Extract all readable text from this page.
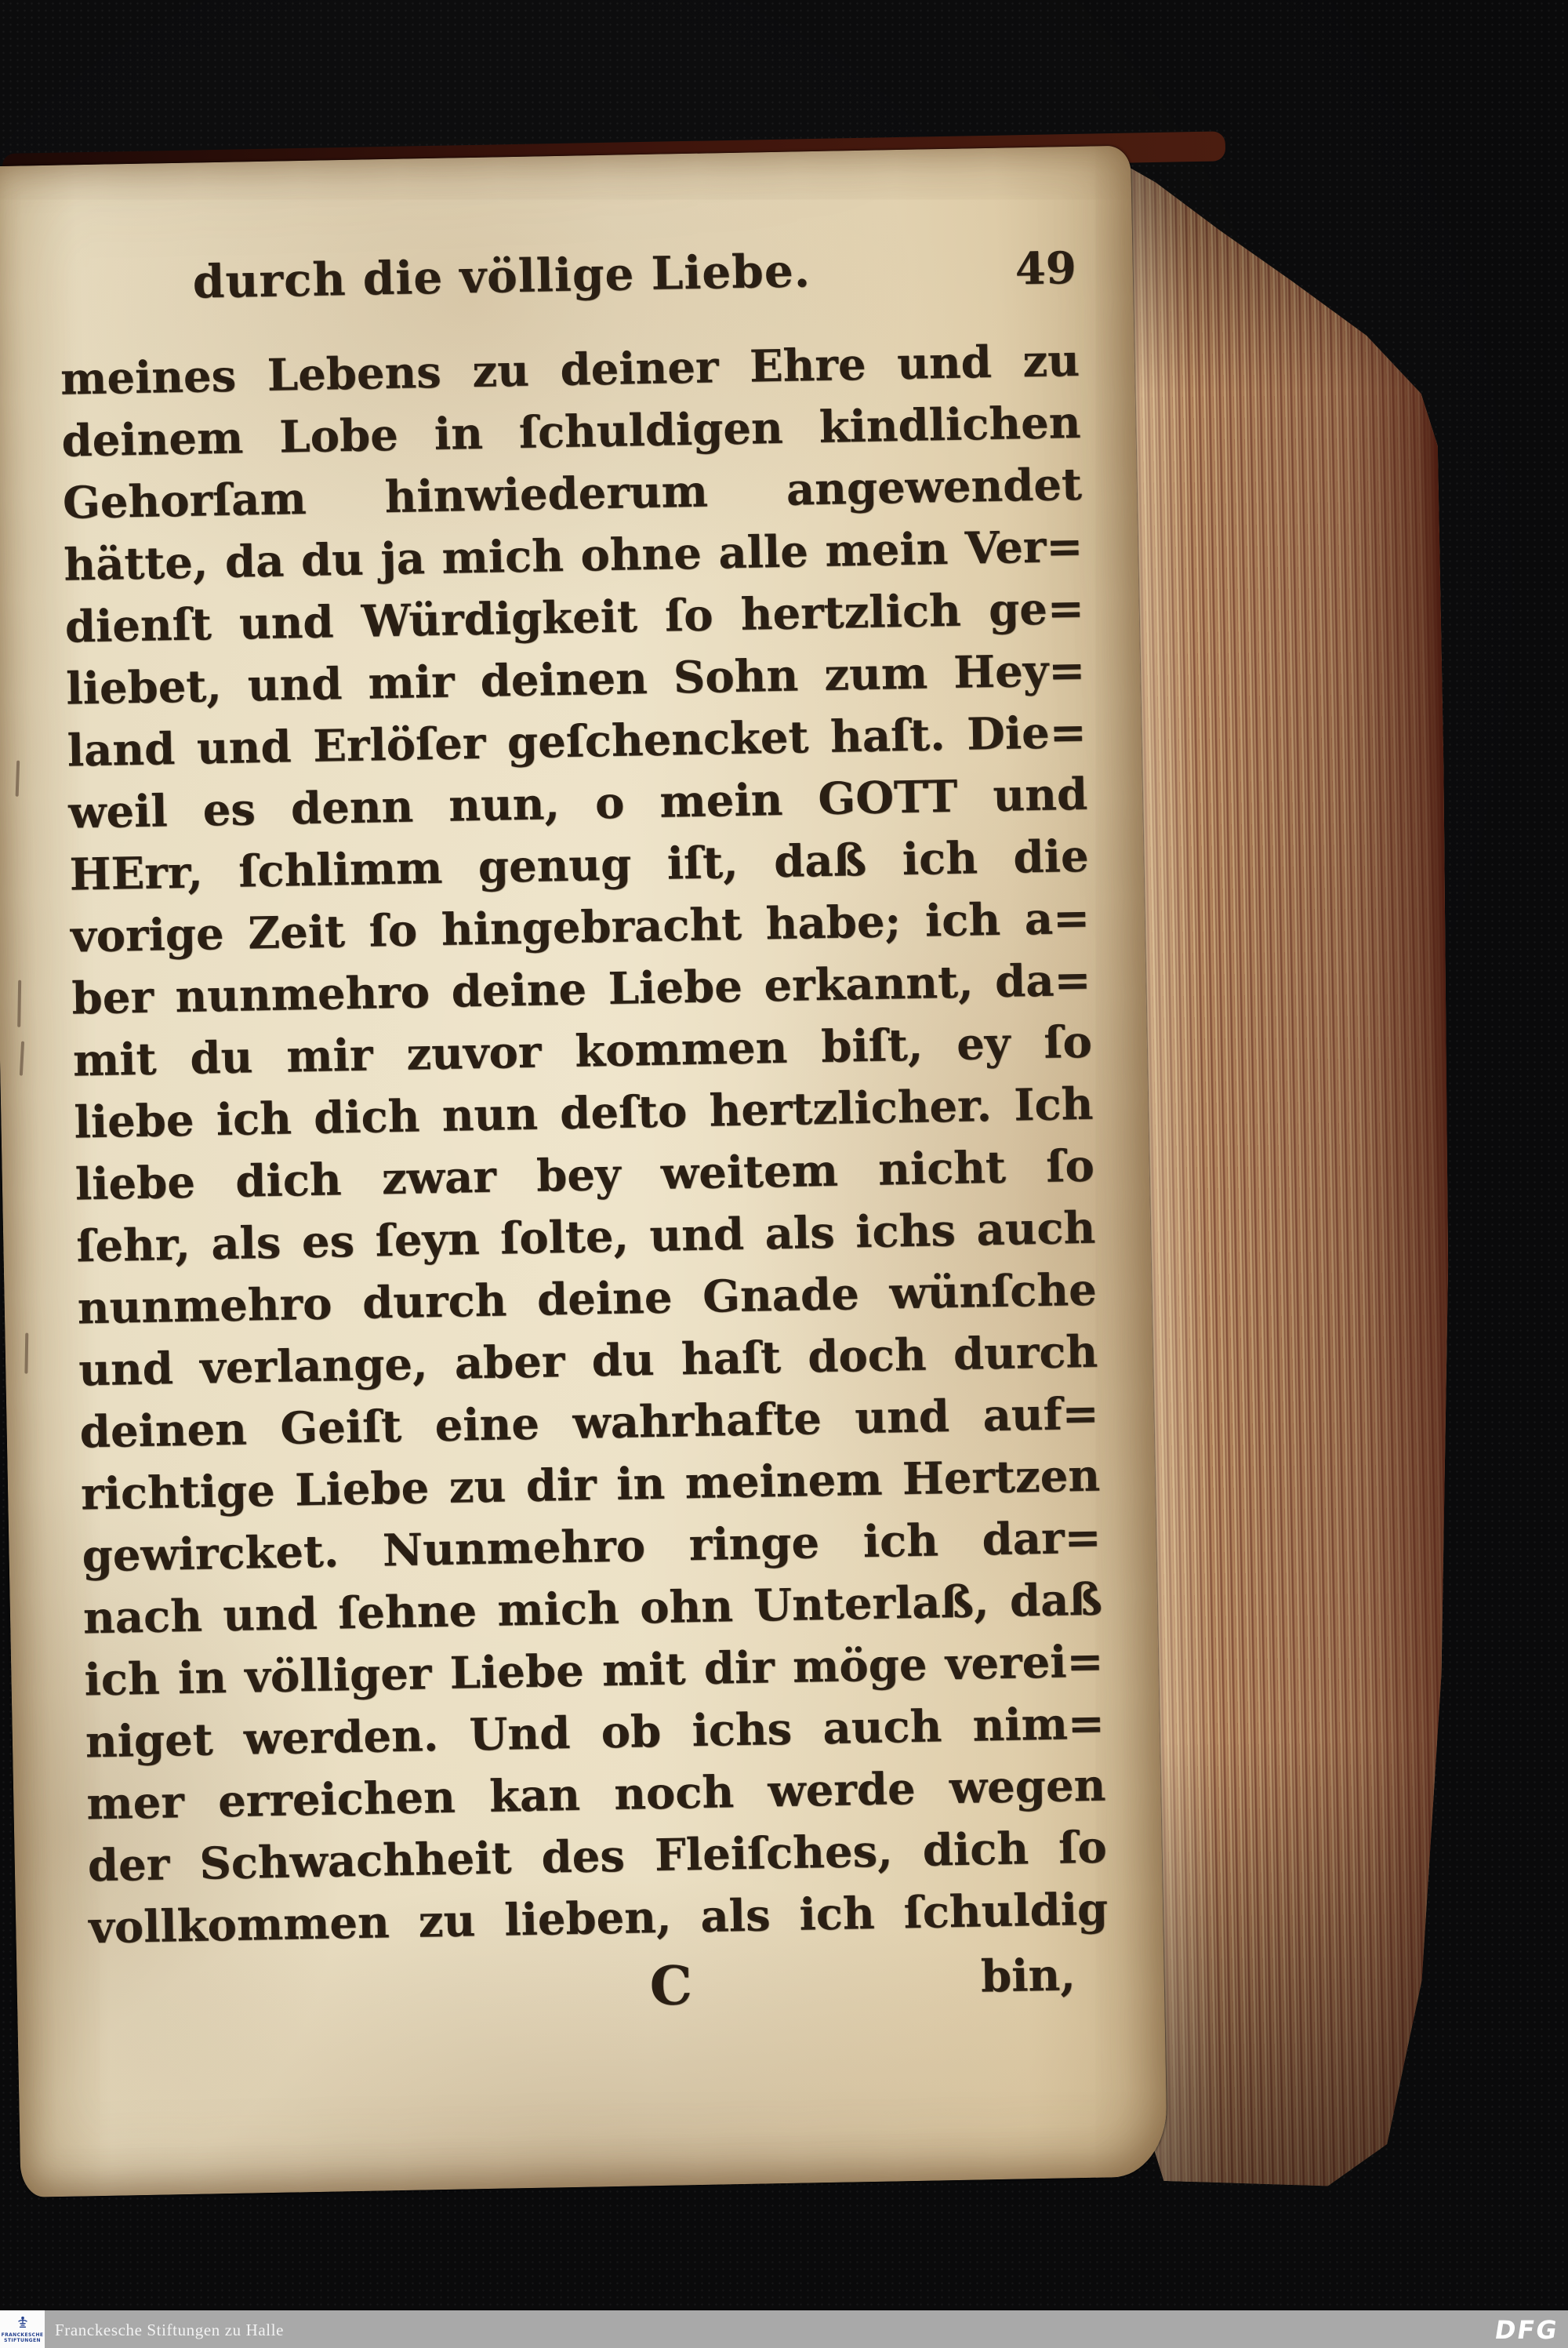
durch die völlige Liebe.	49
meines Lebens zu deiner Ehre und zu
deinem Lobe in ſchuldigen kindlichen
Gehorſam hinwiederum angewendet
hätte, da du ja mich ohne alle mein Ver=
dienſt und Würdigkeit ſo hertzlich ge=
liebet, und mir deinen Sohn zum Hey=
land und Erlöſer geſchencket haſt. Die=
weil es denn nun, o mein GOTT und
HErr, ſchlimm genug iſt, daß ich die
vorige Zeit ſo hingebracht habe; ich a=
ber nunmehro deine Liebe erkannt, da=
mit du mir zuvor kommen biſt, ey ſo
liebe ich dich nun deſto hertzlicher. Ich
liebe dich zwar bey weitem nicht ſo
ſehr, als es ſeyn ſolte, und als ichs auch
nunmehro durch deine Gnade wünſche
und verlange, aber du haſt doch durch
deinen Geiſt eine wahrhafte und auf=
richtige Liebe zu dir in meinem Hertzen
gewircket. Nunmehro ringe ich dar=
nach und ſehne mich ohn Unterlaß, daß
ich in völliger Liebe mit dir möge verei=
niget werden. Und ob ichs auch nim=
mer erreichen kan noch werde wegen
der Schwachheit des Fleiſches, dich ſo
vollkommen zu lieben, als ich ſchuldig
C	bin,
FRANCKESCHE
STIFTUNGEN
Franckesche Stiftungen zu Halle	DFG
